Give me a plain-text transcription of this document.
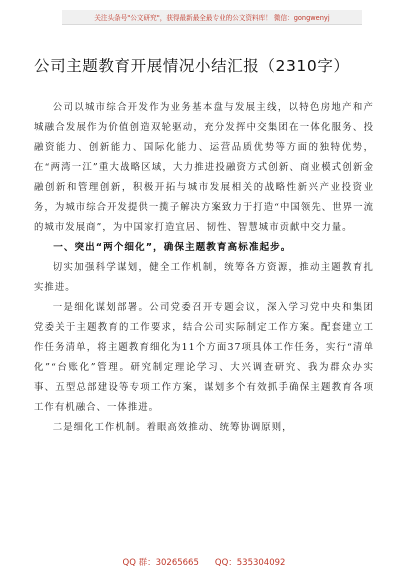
关注头条号"公文研究"，获得最新最全最专业的公文资料库！ 微信：gongwenyj
公司主题教育开展情况小结汇报（2310字）

公司以城市综合开发作为业务基本盘与发展主线，以特色房地产和产城融合发展作为价值创造双轮驱动，充分发挥中交集团在一体化服务、投融资能力、创新能力、国际化能力、运营品质优势等方面的独特优势，在“两湾一江”重大战略区域，大力推进投融资方式创新、商业模式创新金融创新和管理创新，积极开拓与城市发展相关的战略性新兴产业投资业务，为城市综合开发提供一揽子解决方案致力于打造“中国领先、世界一流的城市发展商”，为中国家打造宜居、韧性、智慧城市贡献中交力量。

一、突出“两个细化”，确保主题教育高标准起步。

切实加强科学谋划，健全工作机制，统筹各方资源，推动主题教育扎实推进。

一是细化谋划部署。公司党委召开专题会议，深入学习党中央和集团党委关于主题教育的工作要求，结合公司实际制定工作方案。配套建立工作任务清单，将主题教育细化为11个方面37项具体工作任务，实行“清单化”“台账化”管理。研究制定理论学习、大兴调查研究、我为群众办实事、五型总部建设等专项工作方案，谋划多个有效抓手确保主题教育各项工作有机融合、一体推进。

二是细化工作机制。着眼高效推动、统筹协调原则，

QQ 群：30265665 QQ：535304092
